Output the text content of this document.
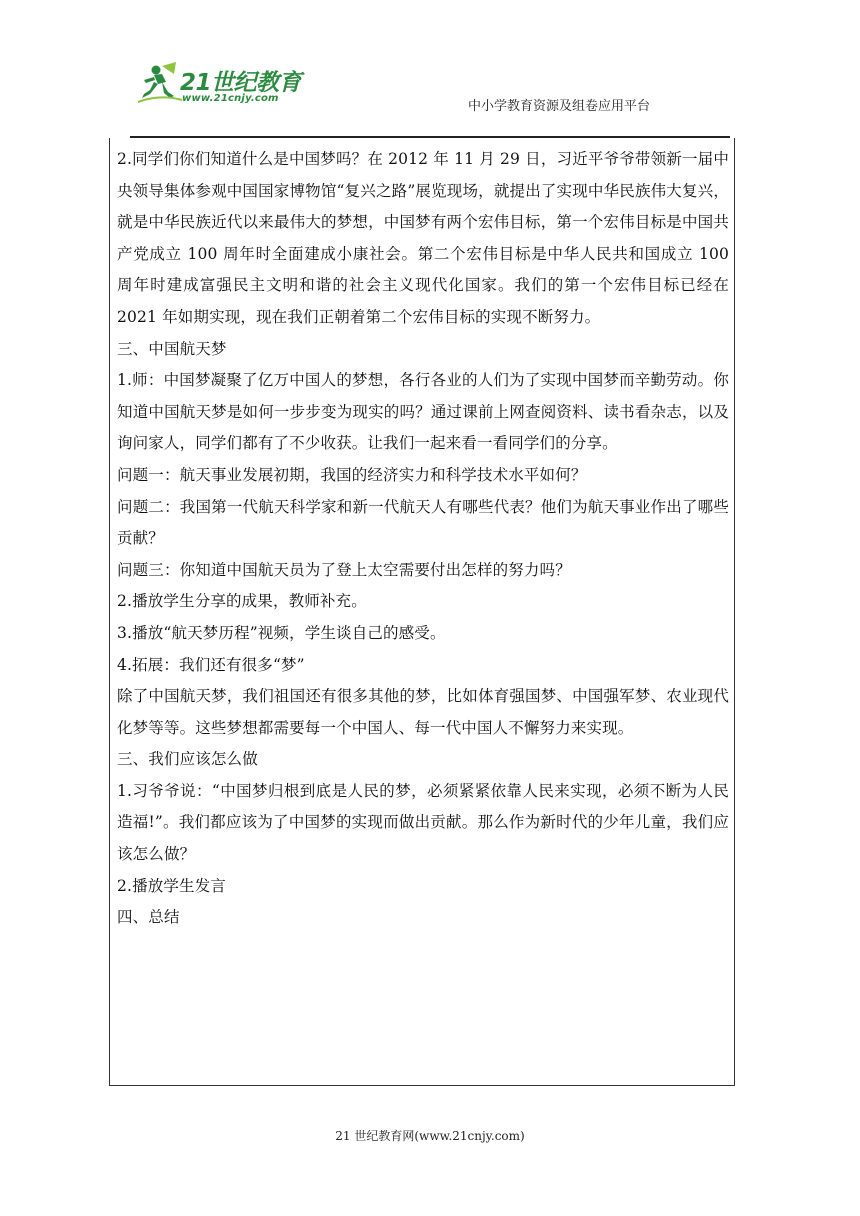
21世纪教育
www.21cnjy.com
中小学教育资源及组卷应用平台

2.同学们你们知道什么是中国梦吗？在 2012 年 11 月 29 日，习近平爷爷带领新一届中央领导集体参观中国国家博物馆“复兴之路”展览现场，就提出了实现中华民族伟大复兴，就是中华民族近代以来最伟大的梦想，中国梦有两个宏伟目标，第一个宏伟目标是中国共产党成立 100 周年时全面建成小康社会。第二个宏伟目标是中华人民共和国成立 100 周年时建成富强民主文明和谐的社会主义现代化国家。我们的第一个宏伟目标已经在 2021 年如期实现，现在我们正朝着第二个宏伟目标的实现不断努力。

三、中国航天梦

1.师：中国梦凝聚了亿万中国人的梦想，各行各业的人们为了实现中国梦而辛勤劳动。你知道中国航天梦是如何一步步变为现实的吗？通过课前上网查阅资料、读书看杂志，以及询问家人，同学们都有了不少收获。让我们一起来看一看同学们的分享。

问题一：航天事业发展初期，我国的经济实力和科学技术水平如何？

问题二：我国第一代航天科学家和新一代航天人有哪些代表？他们为航天事业作出了哪些贡献？

问题三：你知道中国航天员为了登上太空需要付出怎样的努力吗？

2.播放学生分享的成果，教师补充。

3.播放“航天梦历程”视频，学生谈自己的感受。

4.拓展：我们还有很多“梦”

除了中国航天梦，我们祖国还有很多其他的梦，比如体育强国梦、中国强军梦、农业现代化梦等等。这些梦想都需要每一个中国人、每一代中国人不懈努力来实现。

三、我们应该怎么做

1.习爷爷说：“中国梦归根到底是人民的梦，必须紧紧依靠人民来实现，必须不断为人民造福!”。我们都应该为了中国梦的实现而做出贡献。那么作为新时代的少年儿童，我们应该怎么做？

2.播放学生发言

四、总结

21 世纪教育网(www.21cnjy.com)
